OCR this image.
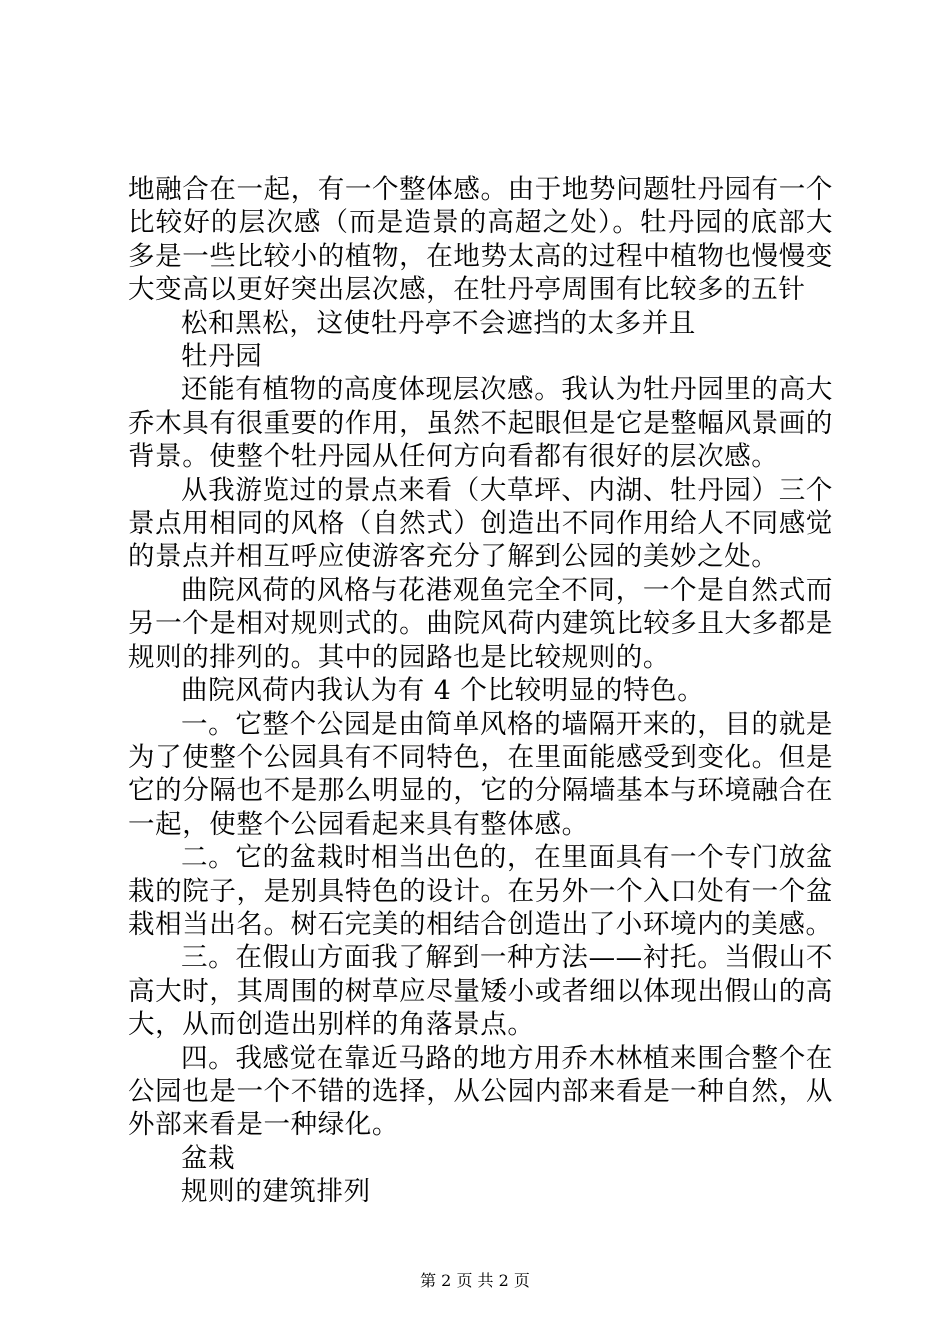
地融合在一起，有一个整体感。由于地势问题牡丹园有一个比较好的层次感（而是造景的高超之处）。牡丹园的底部大多是一些比较小的植物，在地势太高的过程中植物也慢慢变大变高以更好突出层次感，在牡丹亭周围有比较多的五针

松和黑松，这使牡丹亭不会遮挡的太多并且

牡丹园

还能有植物的高度体现层次感。我认为牡丹园里的高大乔木具有很重要的作用，虽然不起眼但是它是整幅风景画的背景。使整个牡丹园从任何方向看都有很好的层次感。

从我游览过的景点来看（大草坪、内湖、牡丹园）三个景点用相同的风格（自然式）创造出不同作用给人不同感觉的景点并相互呼应使游客充分了解到公园的美妙之处。

曲院风荷的风格与花港观鱼完全不同，一个是自然式而另一个是相对规则式的。曲院风荷内建筑比较多且大多都是规则的排列的。其中的园路也是比较规则的。

曲院风荷内我认为有 4 个比较明显的特色。

一。它整个公园是由简单风格的墙隔开来的，目的就是为了使整个公园具有不同特色，在里面能感受到变化。但是它的分隔也不是那么明显的，它的分隔墙基本与环境融合在一起，使整个公园看起来具有整体感。

二。它的盆栽时相当出色的，在里面具有一个专门放盆栽的院子，是别具特色的设计。在另外一个入口处有一个盆栽相当出名。树石完美的相结合创造出了小环境内的美感。

三。在假山方面我了解到一种方法——衬托。当假山不高大时，其周围的树草应尽量矮小或者细以体现出假山的高大，从而创造出别样的角落景点。

四。我感觉在靠近马路的地方用乔木林植来围合整个在公园也是一个不错的选择，从公园内部来看是一种自然，从外部来看是一种绿化。

盆栽

规则的建筑排列

第 2 页 共 2 页
